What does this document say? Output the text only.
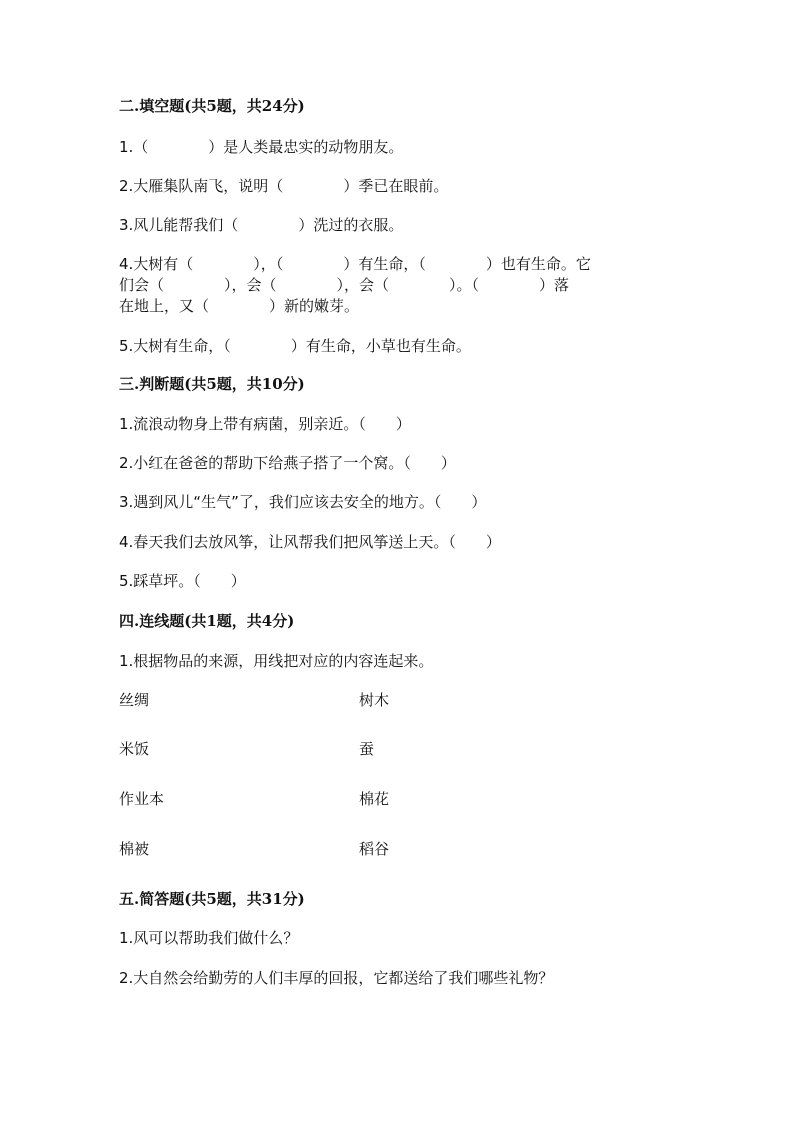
二.填空题(共5题，共24分)
1.（　　　　）是人类最忠实的动物朋友。
2.大雁集队南飞，说明（　　　　）季已在眼前。
3.风儿能帮我们（　　　　）洗过的衣服。
4.大树有（　　　　），（　　　　）有生命，（　　　　）也有生命。它
们会（　　　　），会（　　　　），会（　　　　）。（　　　　）落
在地上，又（　　　　）新的嫩芽。
5.大树有生命，（　　　　）有生命，小草也有生命。
三.判断题(共5题，共10分)
1.流浪动物身上带有病菌，别亲近。（　　）
2.小红在爸爸的帮助下给燕子搭了一个窝。（　　）
3.遇到风儿“生气”了，我们应该去安全的地方。（　　）
4.春天我们去放风筝，让风帮我们把风筝送上天。（　　）
5.踩草坪。（　　）
四.连线题(共1题，共4分)
1.根据物品的来源，用线把对应的内容连起来。
丝绸	树木
米饭	蚕
作业本	棉花
棉被	稻谷
五.简答题(共5题，共31分)
1.风可以帮助我们做什么？
2.大自然会给勤劳的人们丰厚的回报，它都送给了我们哪些礼物？
